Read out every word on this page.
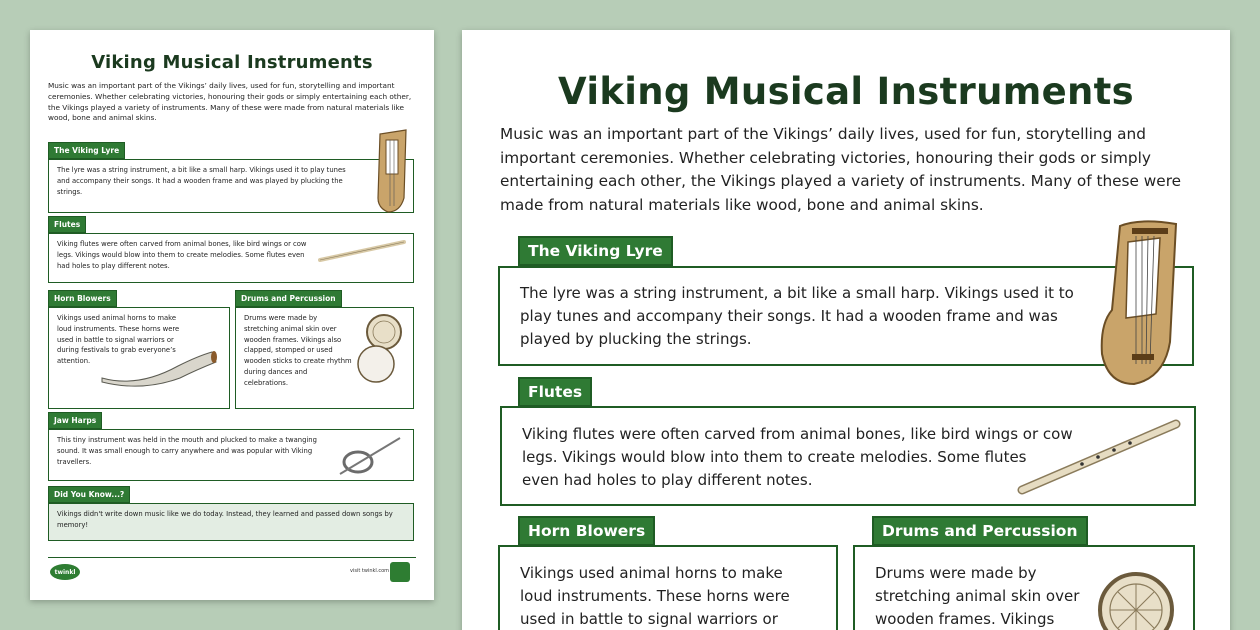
Viking Musical Instruments
Music was an important part of the Vikings’ daily lives, used for fun, storytelling and important ceremonies. Whether celebrating victories, honouring their gods or simply entertaining each other, the Vikings played a variety of instruments. Many of these were made from natural materials like wood, bone and animal skins.
The Viking Lyre
The lyre was a string instrument, a bit like a small harp. Vikings used it to play tunes and accompany their songs. It had a wooden frame and was played by plucking the strings.
Flutes
Viking flutes were often carved from animal bones, like bird wings or cow legs. Vikings would blow into them to create melodies. Some flutes even had holes to play different notes.
Horn Blowers
Vikings used animal horns to make loud instruments. These horns were used in battle to signal warriors or during festivals to grab everyone’s attention.
Drums and Percussion
Drums were made by stretching animal skin over wooden frames. Vikings also clapped, stomped or used wooden sticks to create rhythm during dances and celebrations.
Jaw Harps
This tiny instrument was held in the mouth and plucked to make a twanging sound. It was small enough to carry anywhere and was popular with Viking travellers.
Did You Know...?
Vikings didn't write down music like we do today. Instead, they learned and passed down songs by memory!
twinkl	visit twinkl.com
Viking Musical Instruments
Music was an important part of the Vikings’ daily lives, used for fun, storytelling and
important ceremonies. Whether celebrating victories, honouring their gods or simply
entertaining each other, the Vikings played a variety of instruments. Many of these were
made from natural materials like wood, bone and animal skins.
The Viking Lyre
The lyre was a string instrument, a bit like a small harp. Vikings used it to
play tunes and accompany their songs. It had a wooden frame and was
played by plucking the strings.
Flutes
Viking flutes were often carved from animal bones, like bird wings or cow
legs. Vikings would blow into them to create melodies. Some flutes
even had holes to play different notes.
Horn Blowers
Vikings used animal horns to make
loud instruments. These horns were
used in battle to signal warriors or
Drums and Percussion
Drums were made by
stretching animal skin over
wooden frames. Vikings
